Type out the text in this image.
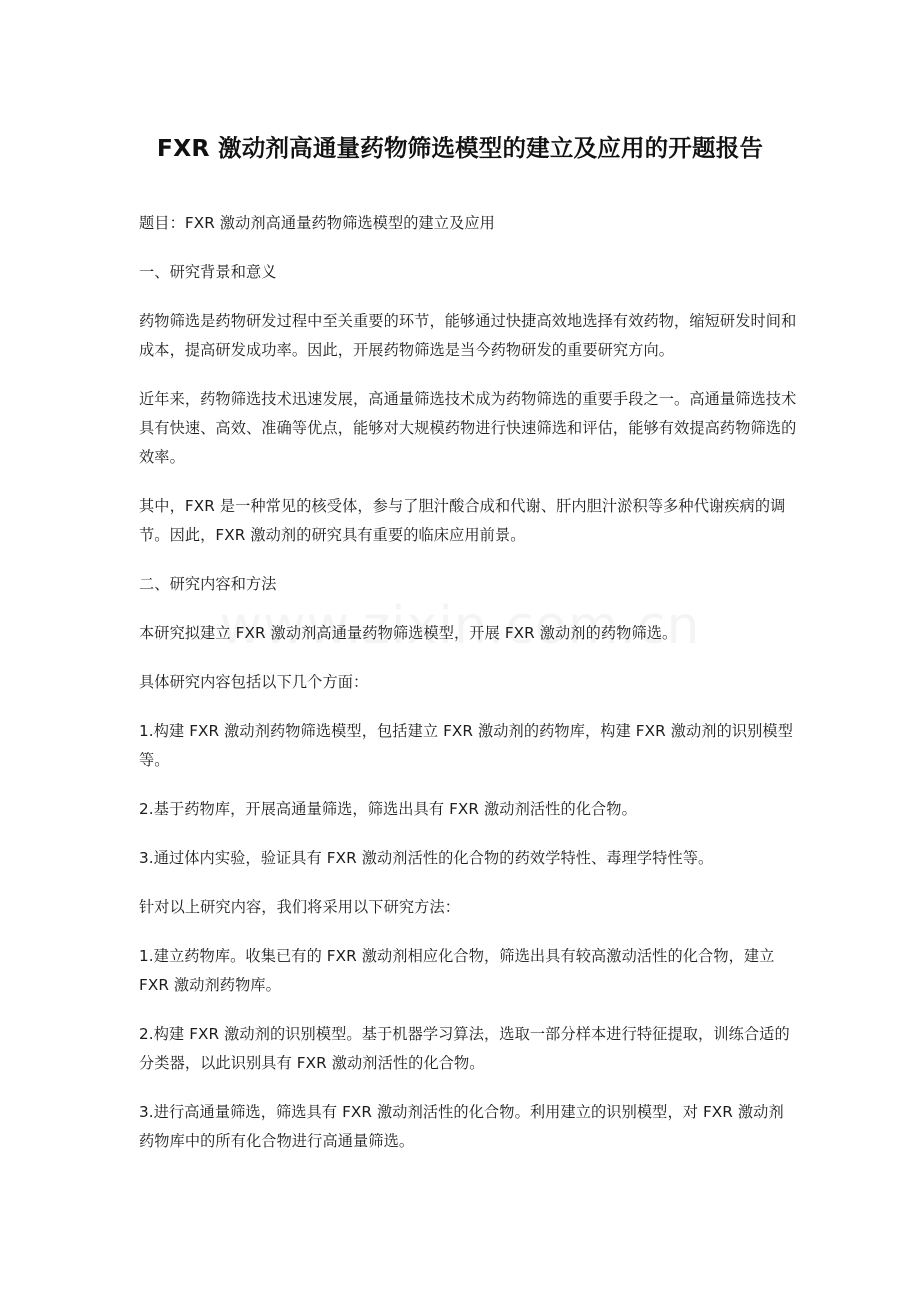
FXR 激动剂高通量药物筛选模型的建立及应用的开题报告

题目：FXR 激动剂高通量药物筛选模型的建立及应用

一、研究背景和意义

药物筛选是药物研发过程中至关重要的环节，能够通过快捷高效地选择有效药物，缩短研发时间和成本，提高研发成功率。因此，开展药物筛选是当今药物研发的重要研究方向。

近年来，药物筛选技术迅速发展，高通量筛选技术成为药物筛选的重要手段之一。高通量筛选技术具有快速、高效、准确等优点，能够对大规模药物进行快速筛选和评估，能够有效提高药物筛选的效率。

其中，FXR 是一种常见的核受体，参与了胆汁酸合成和代谢、肝内胆汁淤积等多种代谢疾病的调节。因此，FXR 激动剂的研究具有重要的临床应用前景。

二、研究内容和方法

本研究拟建立 FXR 激动剂高通量药物筛选模型，开展 FXR 激动剂的药物筛选。

具体研究内容包括以下几个方面：

1.构建 FXR 激动剂药物筛选模型，包括建立 FXR 激动剂的药物库，构建 FXR 激动剂的识别模型等。

2.基于药物库，开展高通量筛选，筛选出具有 FXR 激动剂活性的化合物。

3.通过体内实验，验证具有 FXR 激动剂活性的化合物的药效学特性、毒理学特性等。

针对以上研究内容，我们将采用以下研究方法：

1.建立药物库。收集已有的 FXR 激动剂相应化合物，筛选出具有较高激动活性的化合物，建立 FXR 激动剂药物库。

2.构建 FXR 激动剂的识别模型。基于机器学习算法，选取一部分样本进行特征提取，训练合适的分类器，以此识别具有 FXR 激动剂活性的化合物。

3.进行高通量筛选，筛选具有 FXR 激动剂活性的化合物。利用建立的识别模型，对 FXR 激动剂药物库中的所有化合物进行高通量筛选。
